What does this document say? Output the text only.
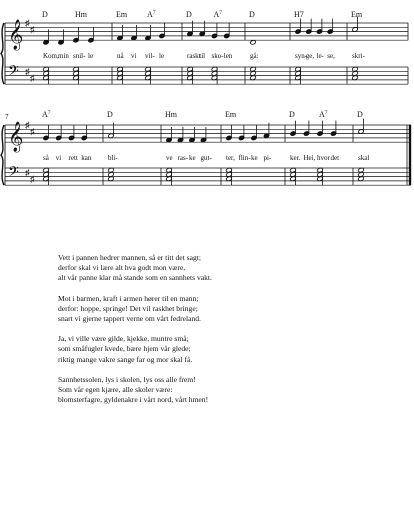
𝄞
𝄢
♯
♯
♯
♯
D	Hm	Em $A^7$	D	$A^7$	D	H7	Em
Kom, min snil- le	nå vi vil- le	raskt
til sko- len	gå:	syn-
ge, le- se, skri-
𝄞
𝄢
♯
♯
♯
♯
7	$A^7$	D	Hm	Em	D	$A^7$	D
så vi rett kan bli-	ve ras- ke gut- ter, flin- ke pi-	ker. Hei, hvor det	skal
Vett i pannen hedrer mannen, så er titt det sagt;
derfor skal vi lære alt hva godt mon være,
alt vår panne klar må stande som en sannhets vakt.
Mot i barmen, kraft i armen hører til en mann;
derfor: hoppe, springe! Det vil raskhet bringe;
snart vi gjerne tappert verne om vårt fedreland.
Ja, vi ville være gilde, kjekke, muntre små;
som småfugler kvede, bære hjem vår glede;
riktig mange vakre sange far og mor skal få.
Sannhetssolen, lys i skolen, lys oss alle frem!
Som vår egen kjære, alle skoler være:
blomsterfagre, gyldenakre i vårt nord, vårt hmen!
